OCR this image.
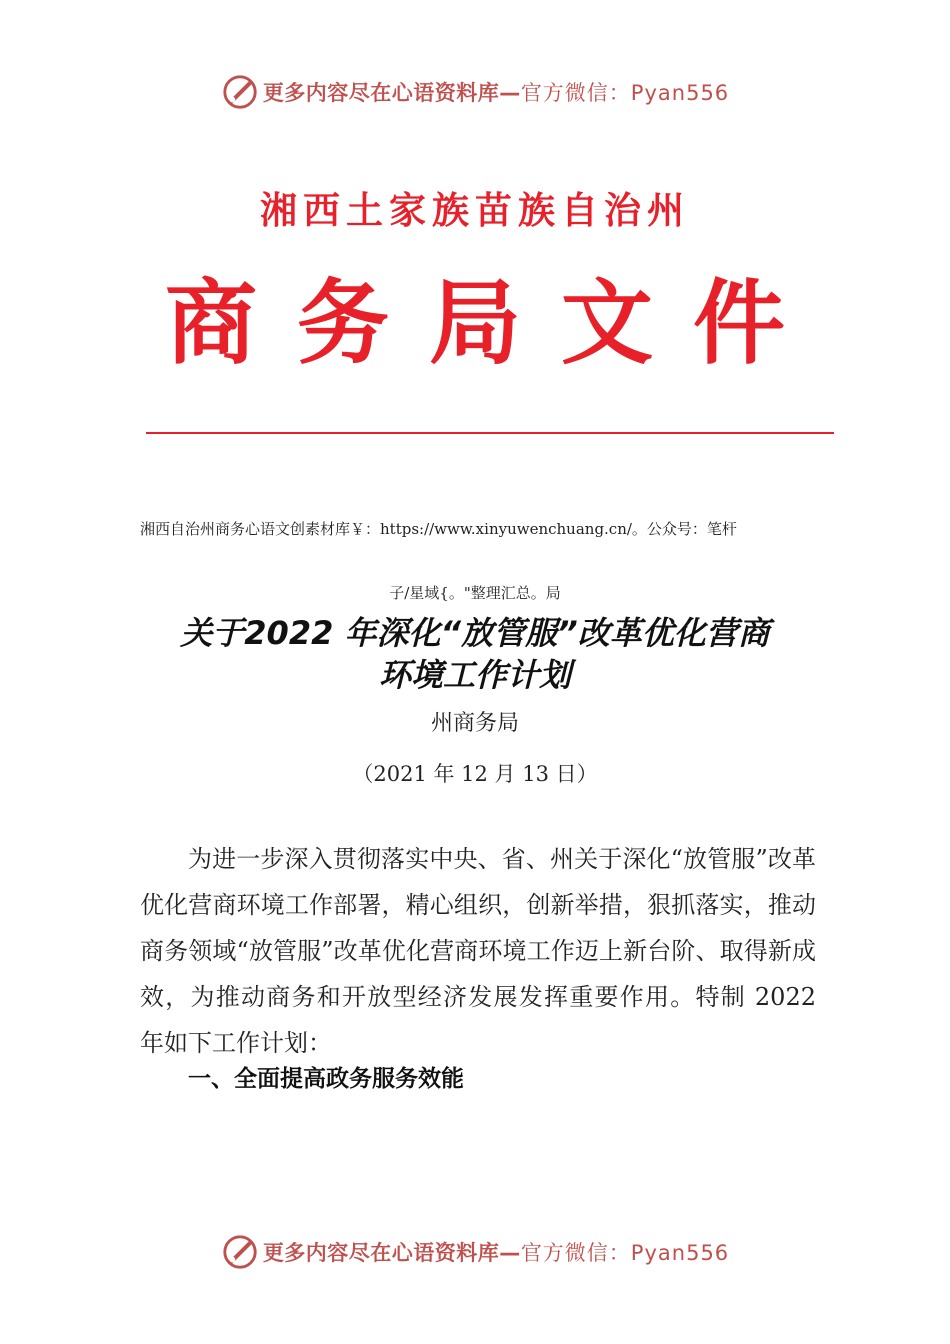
更多内容尽在心语资料库— 官方微信：Pyan556
湘西土家族苗族自治州
商务局文件
湘西自治州商务心语文创素材库￥：https://www.xinyuwenchuang.cn/。公众号：笔杆
子/星域{。"整理汇总。局
关于2022 年深化“放管服”改革优化营商
环境工作计划
州商务局
（2021 年 12 月 13 日）
为进一步深入贯彻落实中央、省、州关于深化“放管服”改革优化营商环境工作部署，精心组织，创新举措，狠抓落实，推动商务领域“放管服”改革优化营商环境工作迈上新台阶、取得新成效，为推动商务和开放型经济发展发挥重要作用。特制 2022 年如下工作计划：
一、全面提高政务服务效能
更多内容尽在心语资料库— 官方微信：Pyan556
